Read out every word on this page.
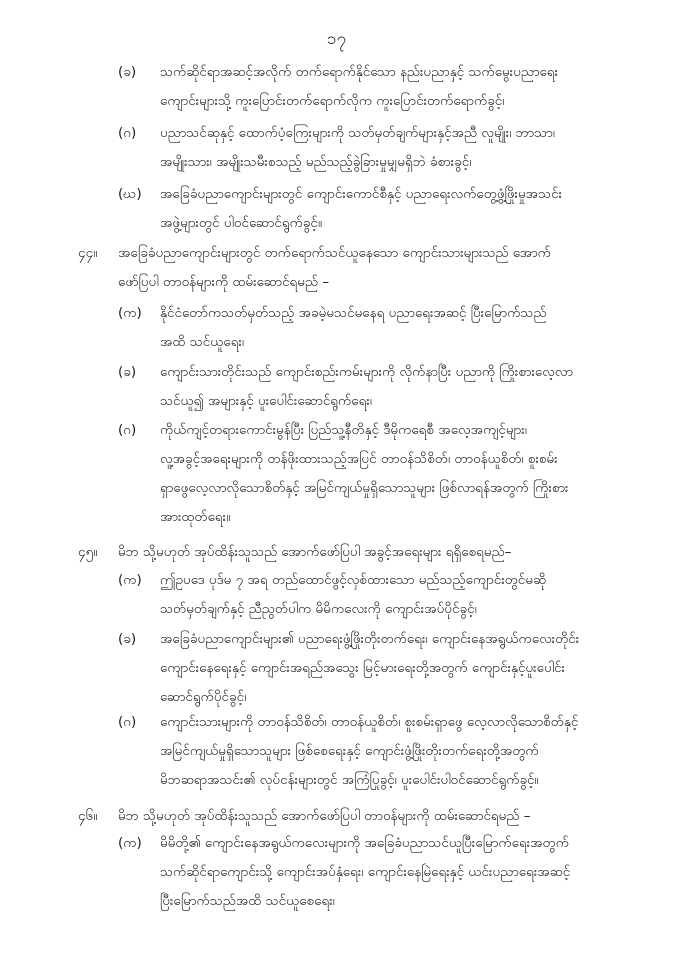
၁၇
(ခ) သက်ဆိုင်ရာအဆင့်အလိုက် တက်ရောက်နိုင်သော နည်းပညာနှင့် သက်မွေးပညာရေး
ကျောင်းများသို့ ကူးပြောင်းတက်ရောက်လိုက ကူးပြောင်းတက်ရောက်ခွင့်၊
(ဂ) ပညာသင်ဆုနှင့် ထောက်ပံ့ကြေးများကို သတ်မှတ်ချက်များနှင့်အညီ လူမျိုး၊ ဘာသာ၊
အမျိုးသား၊ အမျိုးသမီးစသည့် မည်သည့်ခွဲခြားမှုမျှမရှိဘဲ ခံစားခွင့်၊
(ဃ) အခြေခံပညာကျောင်းများတွင် ကျောင်းကောင်စီနှင့် ပညာရေးလက်တွေ့ဖွံ့ဖြိုးမှုအသင်း
အဖွဲ့များတွင် ပါဝင်ဆောင်ရွက်ခွင့်။
၄၄။ အခြေခံပညာကျောင်းများတွင် တက်ရောက်သင်ယူနေသော ကျောင်းသားများသည် အောက်
ဖော်ပြပါ တာဝန်များကို ထမ်းဆောင်ရမည် –
(က) နိုင်ငံတော်ကသတ်မှတ်သည့် အခမဲ့မသင်မနေရ ပညာရေးအဆင့် ပြီးမြောက်သည်
အထိ သင်ယူရေး၊
(ခ) ကျောင်းသားတိုင်းသည် ကျောင်းစည်းကမ်းများကို လိုက်နာပြီး ပညာကို ကြိုးစားလေ့လာ
သင်ယူ၍ အများနှင့် ပူးပေါင်းဆောင်ရွက်ရေး၊
(ဂ) ကိုယ်ကျင့်တရားကောင်းမွန်ပြီး ပြည်သူ့နီတိနှင့် ဒီမိုကရေစီ အလေ့အကျင့်များ၊
လူ့အခွင့်အရေးများကို တန်ဖိုးထားသည့်အပြင် တာဝန်သိစိတ်၊ တာဝန်ယူစိတ်၊ စူးစမ်း
ရှာဖွေလေ့လာလိုသောစိတ်နှင့် အမြင်ကျယ်မှုရှိသောသူများ ဖြစ်လာရန်အတွက် ကြိုးစား
အားထုတ်ရေး။
၄၅။ မိဘ သို့မဟုတ် အုပ်ထိန်းသူသည် အောက်ဖော်ပြပါ အခွင့်အရေးများ ရရှိစေရမည်–
(က) ဤဥပဒေ ပုဒ်မ ၇ အရ တည်ထောင်ဖွင့်လှစ်ထားသော မည်သည့်ကျောင်းတွင်မဆို
သတ်မှတ်ချက်နှင့် ညီညွတ်ပါက မိမိကလေးကို ကျောင်းအပ်ပိုင်ခွင့်၊
(ခ) အခြေခံပညာကျောင်းများ၏ ပညာရေးဖွံ့ဖြိုးတိုးတက်ရေး၊ ကျောင်းနေအရွယ်ကလေးတိုင်း
ကျောင်းနေရေးနှင့် ကျောင်းအရည်အသွေး မြင့်မားရေးတို့အတွက် ကျောင်းနှင့်ပူးပေါင်း
ဆောင်ရွက်ပိုင်ခွင့်၊
(ဂ) ကျောင်းသားများကို တာဝန်သိစိတ်၊ တာဝန်ယူစိတ်၊ စူးစမ်းရှာဖွေ လေ့လာလိုသောစိတ်နှင့်
အမြင်ကျယ်မှုရှိသောသူများ ဖြစ်စေရေးနှင့် ကျောင်းဖွံ့ဖြိုးတိုးတက်ရေးတို့အတွက်
မိဘဆရာအသင်း၏ လုပ်ငန်းများတွင် အကြံပြုခွင့်၊ ပူးပေါင်းပါဝင်ဆောင်ရွက်ခွင့်။
၄၆။ မိဘ သို့မဟုတ် အုပ်ထိန်းသူသည် အောက်ဖော်ပြပါ တာဝန်များကို ထမ်းဆောင်ရမည် –
(က) မိမိတို့၏ ကျောင်းနေအရွယ်ကလေးများကို အခြေခံပညာသင်ယူပြီးမြောက်ရေးအတွက်
သက်ဆိုင်ရာကျောင်းသို့ ကျောင်းအပ်နှံရေး၊ ကျောင်းနေမြဲရေးနှင့် ယင်းပညာရေးအဆင့်
ပြီးမြောက်သည်အထိ သင်ယူစေရေး၊
